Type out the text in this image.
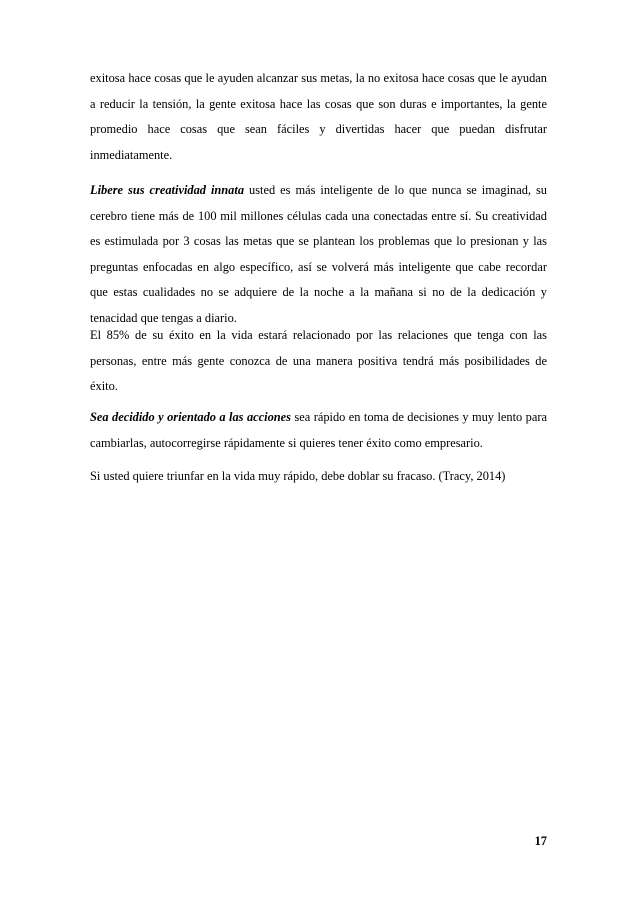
exitosa hace cosas que le ayuden alcanzar sus metas, la no exitosa hace cosas que le ayudan a reducir la tensión, la gente exitosa hace las cosas que son duras e importantes, la gente promedio hace cosas que sean fáciles y divertidas hacer que puedan disfrutar inmediatamente.

Libere sus creatividad innata usted es más inteligente de lo que nunca se imaginad, su cerebro tiene más de 100 mil millones células cada una conectadas entre sí. Su creatividad es estimulada por 3 cosas las metas que se plantean los problemas que lo presionan y las preguntas enfocadas en algo específico, así se volverá más inteligente que cabe recordar que estas cualidades no se adquiere de la noche a la mañana si no de la dedicación y tenacidad que tengas a diario.

El 85% de su éxito en la vida estará relacionado por las relaciones que tenga con las personas, entre más gente conozca de una manera positiva tendrá más posibilidades de éxito.

Sea decidido y orientado a las acciones sea rápido en toma de decisiones y muy lento para cambiarlas, autocorregirse rápidamente si quieres tener éxito como empresario.

Si usted quiere triunfar en la vida muy rápido, debe doblar su fracaso. (Tracy, 2014)

17
